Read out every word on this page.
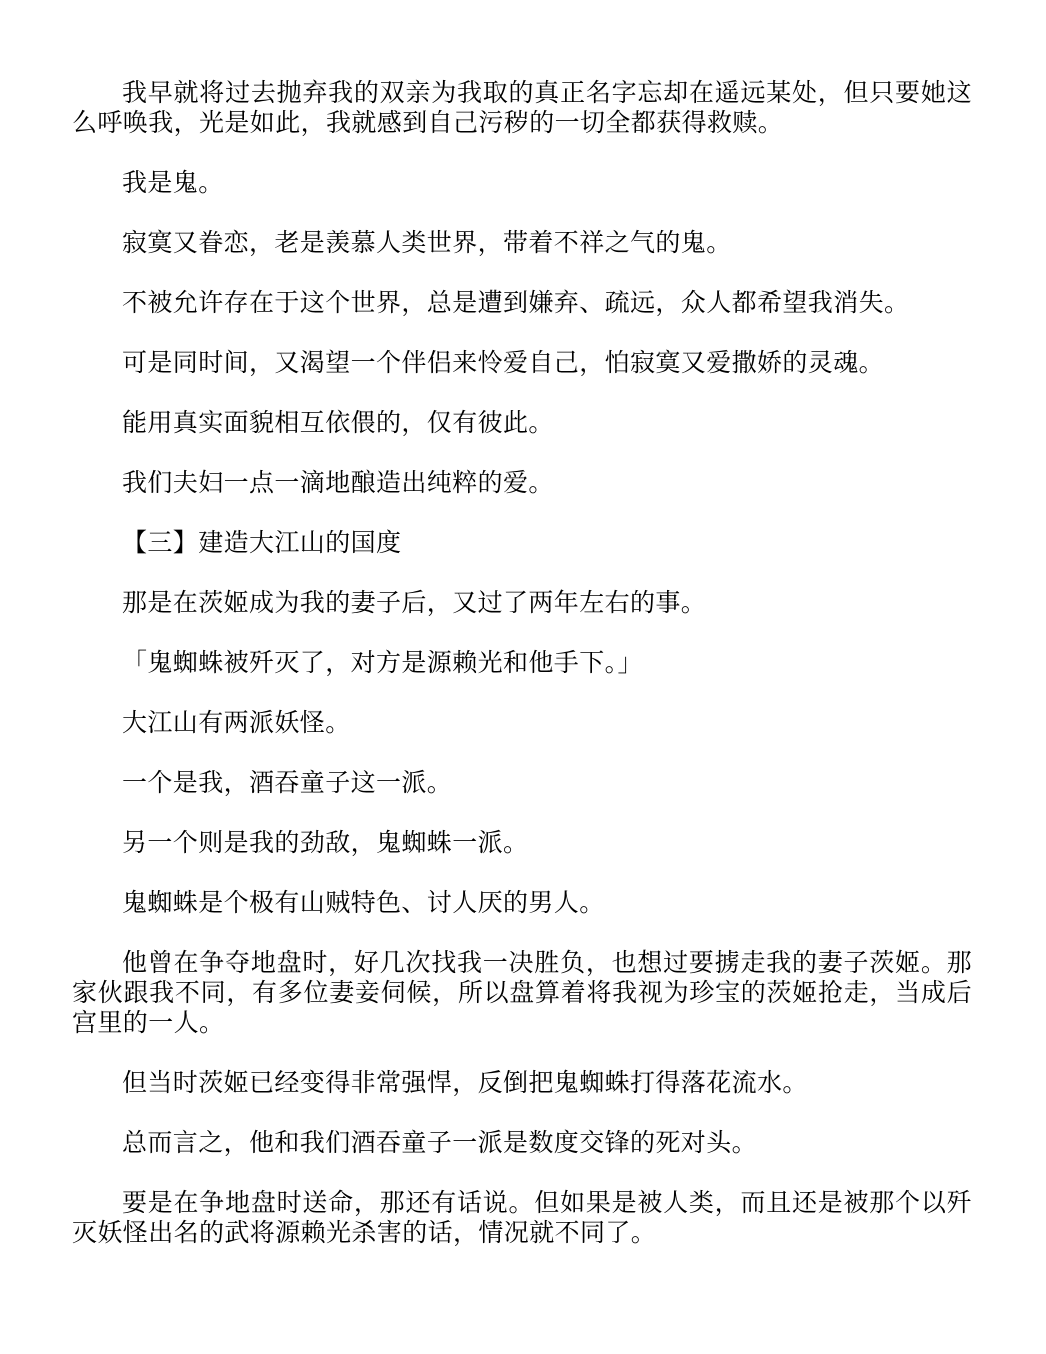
我早就将过去抛弃我的双亲为我取的真正名字忘却在遥远某处，但只要她这么呼唤我，光是如此，我就感到自己污秽的一切全都获得救赎。

我是鬼。

寂寞又眷恋，老是羡慕人类世界，带着不祥之气的鬼。

不被允许存在于这个世界，总是遭到嫌弃、疏远，众人都希望我消失。

可是同时间，又渴望一个伴侣来怜爱自己，怕寂寞又爱撒娇的灵魂。

能用真实面貌相互依偎的，仅有彼此。

我们夫妇一点一滴地酿造出纯粹的爱。

【三】建造大江山的国度

那是在茨姬成为我的妻子后，又过了两年左右的事。

「鬼蜘蛛被歼灭了，对方是源赖光和他手下。」

大江山有两派妖怪。

一个是我，酒吞童子这一派。

另一个则是我的劲敌，鬼蜘蛛一派。

鬼蜘蛛是个极有山贼特色、讨人厌的男人。

他曾在争夺地盘时，好几次找我一决胜负，也想过要掳走我的妻子茨姬。那家伙跟我不同，有多位妻妾伺候，所以盘算着将我视为珍宝的茨姬抢走，当成后宫里的一人。

但当时茨姬已经变得非常强悍，反倒把鬼蜘蛛打得落花流水。

总而言之，他和我们酒吞童子一派是数度交锋的死对头。

要是在争地盘时送命，那还有话说。但如果是被人类，而且还是被那个以歼灭妖怪出名的武将源赖光杀害的话，情况就不同了。
